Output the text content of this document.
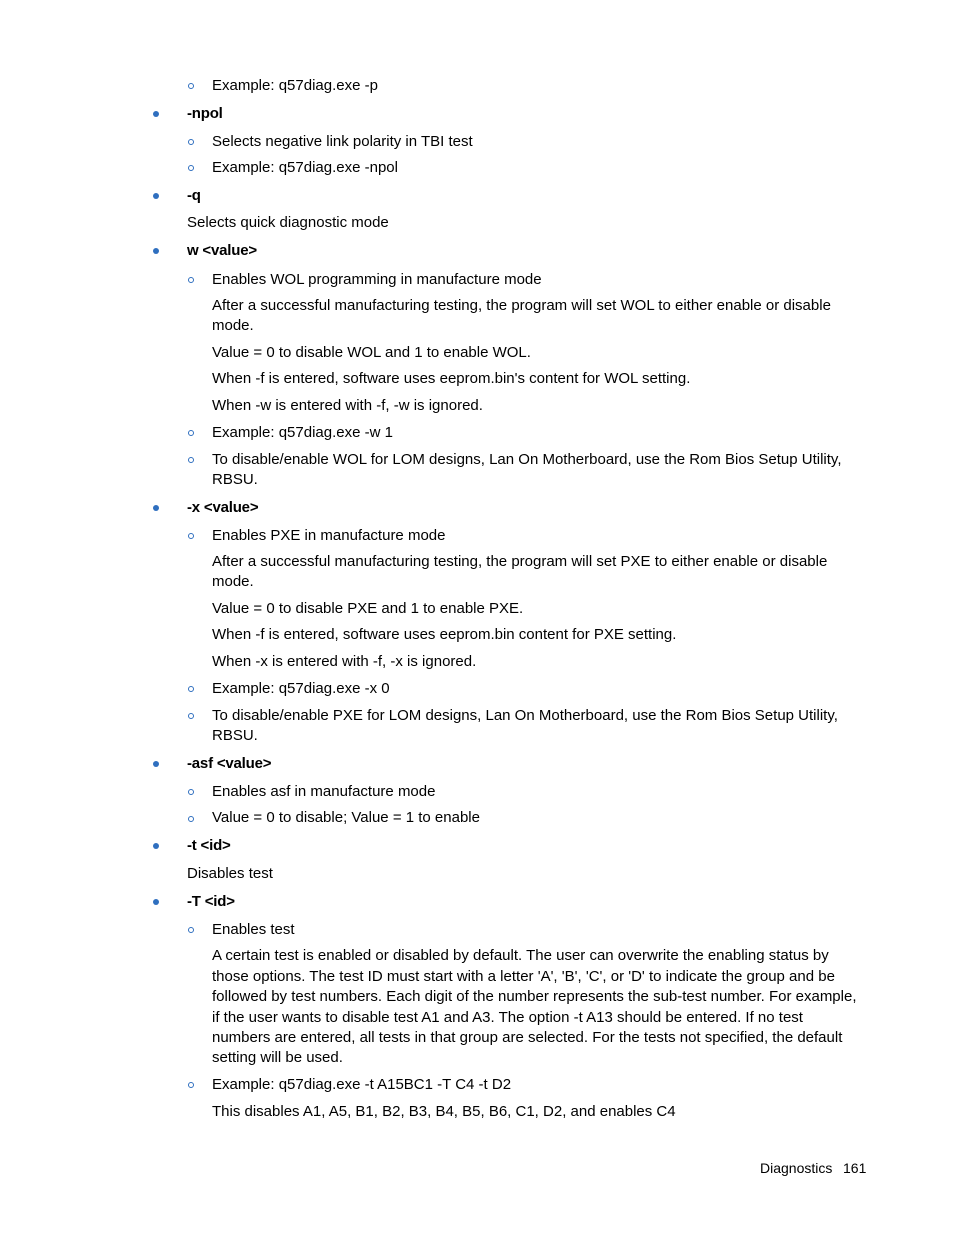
Example: q57diag.exe -p
-npol
Selects negative link polarity in TBI test
Example: q57diag.exe -npol
-q
Selects quick diagnostic mode
w <value>
Enables WOL programming in manufacture mode
After a successful manufacturing testing, the program will set WOL to either enable or disable
mode.
Value = 0 to disable WOL and 1 to enable WOL.
When -f is entered, software uses eeprom.bin's content for WOL setting.
When -w is entered with -f, -w is ignored.
Example: q57diag.exe -w 1
To disable/enable WOL for LOM designs, Lan On Motherboard, use the Rom Bios Setup Utility,
RBSU.
-x <value>
Enables PXE in manufacture mode
After a successful manufacturing testing, the program will set PXE to either enable or disable
mode.
Value = 0 to disable PXE and 1 to enable PXE.
When -f is entered, software uses eeprom.bin content for PXE setting.
When -x is entered with -f, -x is ignored.
Example: q57diag.exe -x 0
To disable/enable PXE for LOM designs, Lan On Motherboard, use the Rom Bios Setup Utility,
RBSU.
-asf <value>
Enables asf in manufacture mode
Value = 0 to disable; Value = 1 to enable
-t <id>
Disables test
-T <id>
Enables test
A certain test is enabled or disabled by default. The user can overwrite the enabling status by
those options. The test ID must start with a letter 'A', 'B', 'C', or 'D' to indicate the group and be
followed by test numbers. Each digit of the number represents the sub-test number. For example,
if the user wants to disable test A1 and A3. The option -t A13 should be entered. If no test
numbers are entered, all tests in that group are selected. For the tests not specified, the default
setting will be used.
Example: q57diag.exe -t A15BC1 -T C4 -t D2
This disables A1, A5, B1, B2, B3, B4, B5, B6, C1, D2, and enables C4
Diagnostics 161
